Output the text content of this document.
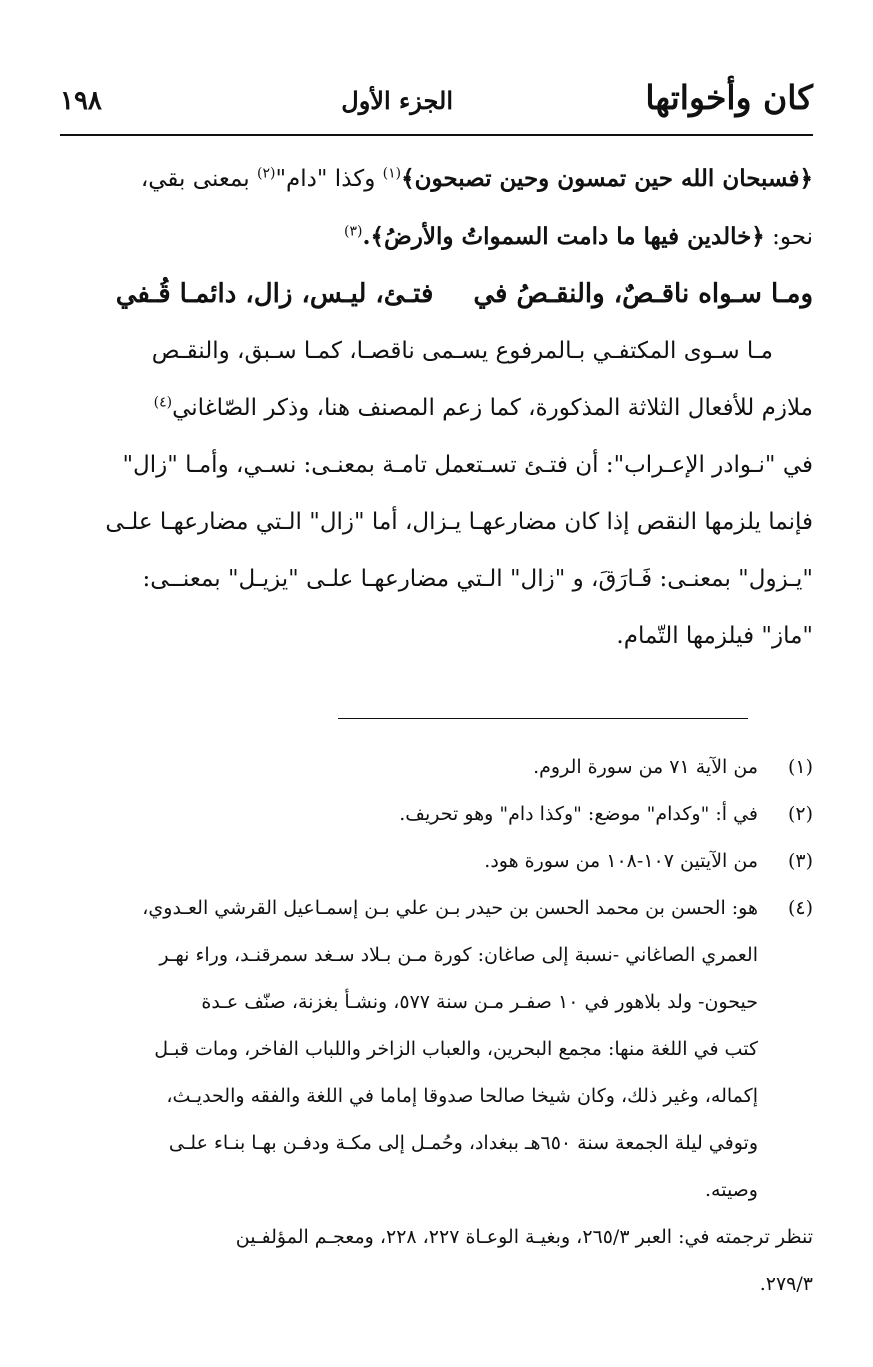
كان وأخواتها
الجزء الأول
١٩٨
﴿فسبحان الله حين تمسون وحين تصبحون﴾$^{(١)}$ وكذا "دام"$^{(٢)}$ بمعنى بقي،
نحو: ﴿خالدين فيها ما دامت السمواتُ والأرضُ﴾.$^{(٣)}$
ومـا سـواه ناقـصٌ، والنقـصُ فيفتـئ، ليـس، زال، دائمـا قُـفي
مـا سـوى المكتفـي بـالمرفوع يسـمى ناقصـا، كمـا سـبق، والنقـص
ملازم للأفعال الثلاثة المذكورة، كما زعم المصنف هنا، وذكر الصّاغاني$^{(٤)}$
في "نـوادر الإعـراب": أن فتـئ تسـتعمل تامـة بمعنـى: نسـي، وأمـا "زال"
فإنما يلزمها النقص إذا كان مضارعهـا يـزال، أما "زال" الـتي مضارعهـا علـى
"يـزول" بمعنـى: فَـارَقَ، و "زال" الـتي مضارعهـا علـى "يزيـل" بمعنــى:
"ماز" فيلزمها التّمام.
(١)
من الآية ٧١ من سورة الروم.
(٢)
في أ: "وكدام" موضع: "وكذا دام" وهو تحريف.
(٣)
من الآيتين ١٠٧-١٠٨ من سورة هود.
(٤)
هو: الحسن بن محمد الحسن بن حيدر بـن علي بـن إسمـاعيل القرشي العـدوي،
العمري الصاغاني -نسبة إلى صاغان: كورة مـن بـلاد سـغد سمرقنـد، وراء نهـر
حيحون- ولد بلاهور في ١٠ صفـر مـن سنة ٥٧٧، ونشـأ بغزنة، صنّف عـدة
كتب في اللغة منها: مجمع البحرين، والعباب الزاخر واللباب الفاخر، ومات قبـل
إكماله، وغير ذلك، وكان شيخا صالحا صدوقا إماما في اللغة والفقه والحديـث،
وتوفي ليلة الجمعة سنة ٦٥٠هـ ببغداد، وحُمـل إلى مكـة ودفـن بهـا بنـاء علـى
وصيته.
تنظر ترجمته في: العبر ٢٦٥/٣، وبغيـة الوعـاة ٢٢٧، ٢٢٨، ومعجـم المؤلفـين
٢٧٩/٣.
